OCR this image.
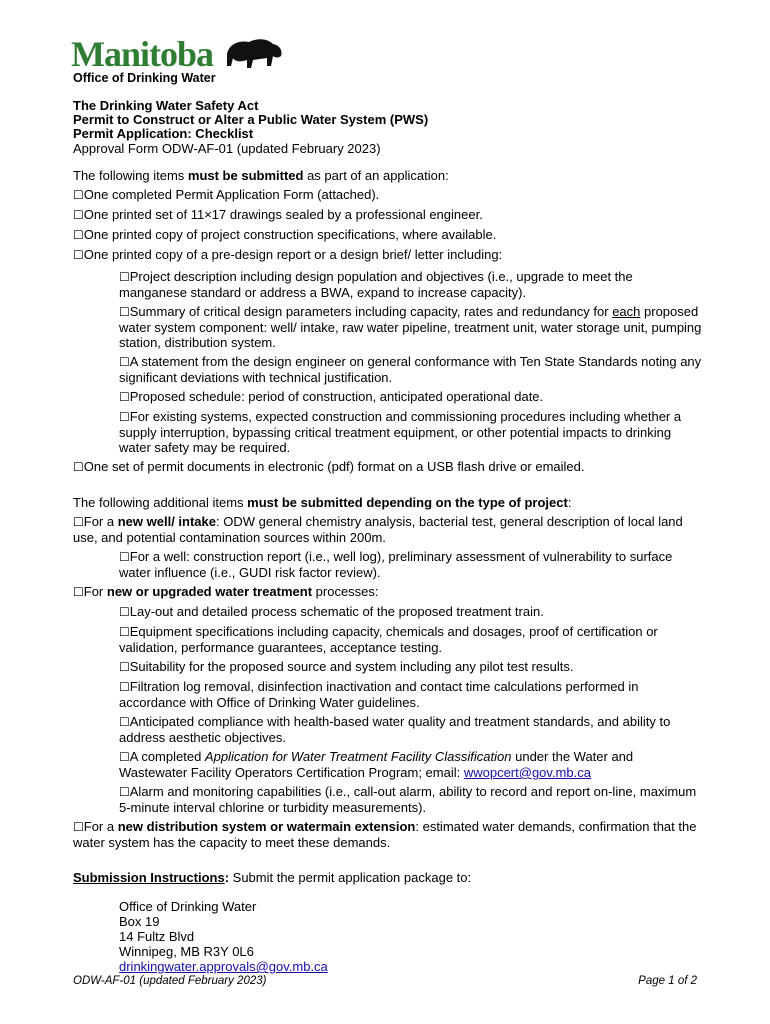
Manitoba
Office of Drinking Water
The Drinking Water Safety Act
Permit to Construct or Alter a Public Water System (PWS)
Permit Application: Checklist
Approval Form ODW-AF-01 (updated February 2023)

The following items must be submitted as part of an application:

☐One completed Permit Application Form (attached).

☐One printed set of 11×17 drawings sealed by a professional engineer.

☐One printed copy of project construction specifications, where available.

☐One printed copy of a pre-design report or a design brief/ letter including:

☐Project description including design population and objectives (i.e., upgrade to meet the manganese standard or address a BWA, expand to increase capacity).

☐Summary of critical design parameters including capacity, rates and redundancy for each proposed water system component: well/ intake, raw water pipeline, treatment unit, water storage unit, pumping station, distribution system.

☐A statement from the design engineer on general conformance with Ten State Standards noting any significant deviations with technical justification.

☐Proposed schedule: period of construction, anticipated operational date.

☐For existing systems, expected construction and commissioning procedures including whether a supply interruption, bypassing critical treatment equipment, or other potential impacts to drinking water safety may be required.

☐One set of permit documents in electronic (pdf) format on a USB flash drive or emailed.

The following additional items must be submitted depending on the type of project:

☐For a new well/ intake: ODW general chemistry analysis, bacterial test, general description of local land use, and potential contamination sources within 200m.

☐For a well: construction report (i.e., well log), preliminary assessment of vulnerability to surface water influence (i.e., GUDI risk factor review).

☐For new or upgraded water treatment processes:

☐Lay-out and detailed process schematic of the proposed treatment train.

☐Equipment specifications including capacity, chemicals and dosages, proof of certification or validation, performance guarantees, acceptance testing.

☐Suitability for the proposed source and system including any pilot test results.

☐Filtration log removal, disinfection inactivation and contact time calculations performed in accordance with Office of Drinking Water guidelines.

☐Anticipated compliance with health-based water quality and treatment standards, and ability to address aesthetic objectives.

☐A completed Application for Water Treatment Facility Classification under the Water and Wastewater Facility Operators Certification Program; email: wwopcert@gov.mb.ca

☐Alarm and monitoring capabilities (i.e., call-out alarm, ability to record and report on-line, maximum 5-minute interval chlorine or turbidity measurements).

☐For a new distribution system or watermain extension: estimated water demands, confirmation that the water system has the capacity to meet these demands.

Submission Instructions: Submit the permit application package to:

Office of Drinking Water
Box 19
14 Fultz Blvd
Winnipeg, MB R3Y 0L6
drinkingwater.approvals@gov.mb.ca
ODW-AF-01 (updated February 2023)	Page 1 of 2
